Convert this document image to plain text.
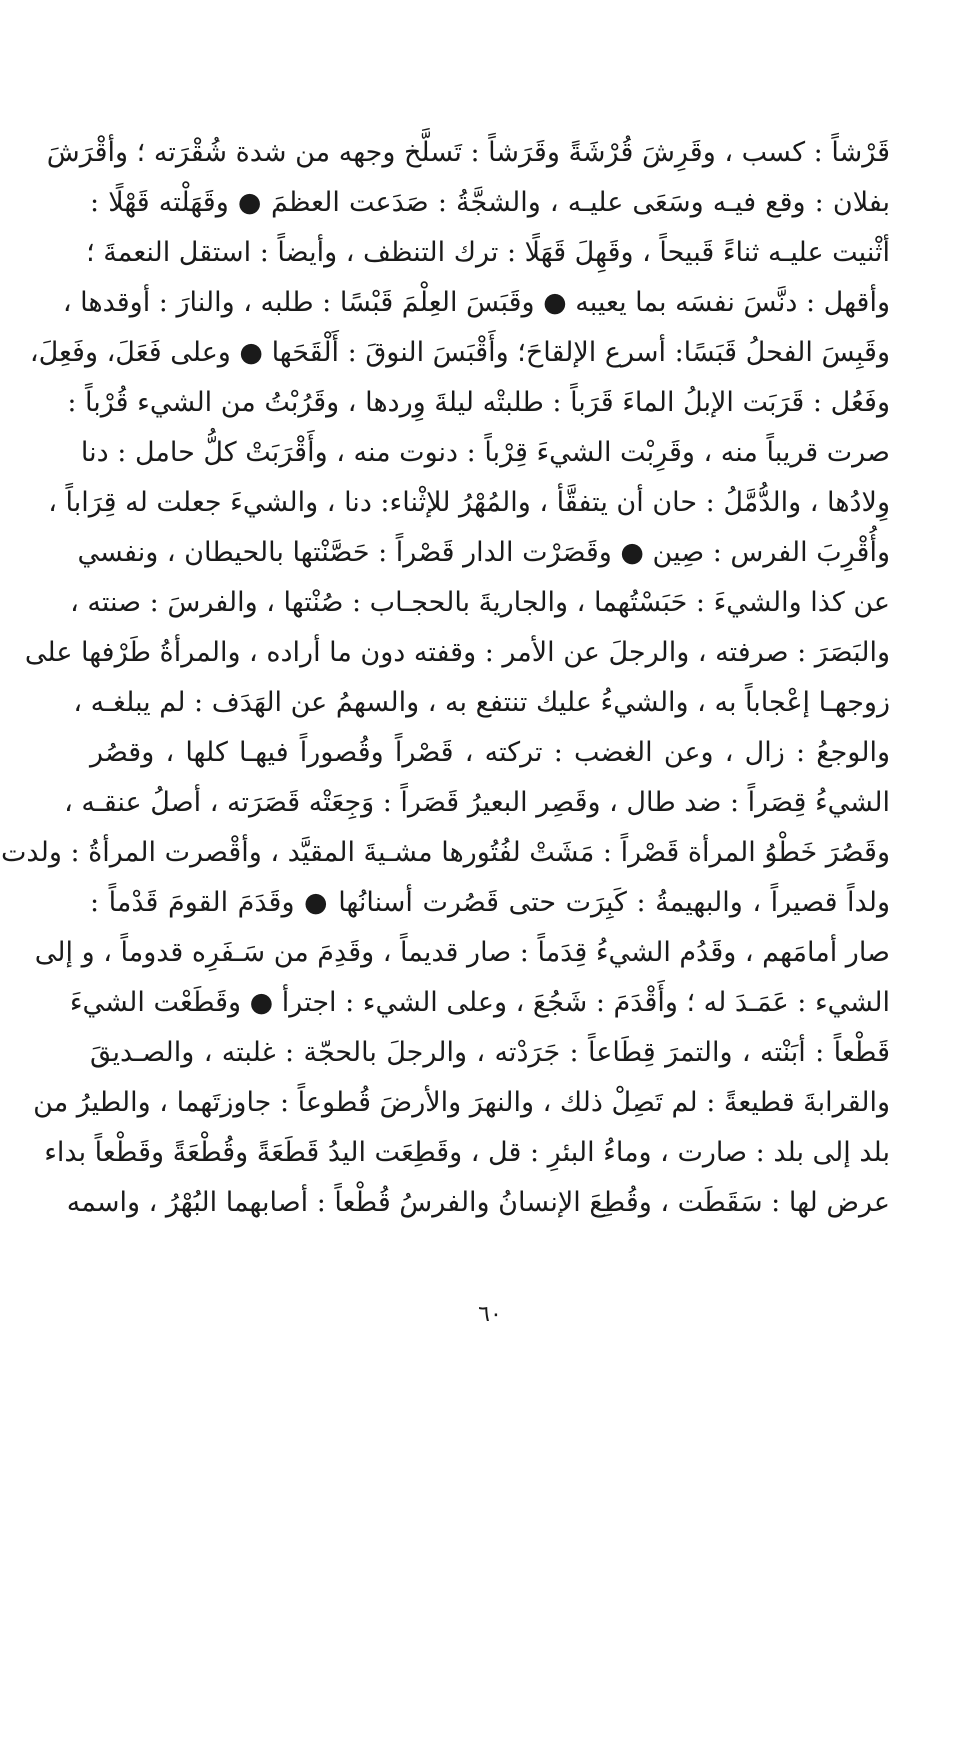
قَرْشاً : كسب ، وقَرِشَ قُرْشَةً وقَرَشاً : تَسلَّخ وجهه من شدة شُقْرَته ؛ وأقْرَشَ
بفلان : وقع فيـه وسَعَى عليـه ، والشجَّةُ : صَدَعت العظمَ ● وقَهَلْته قَهْلًا :
أثْنيت عليـه ثناءً قَبيحاً ، وقَهِلَ قَهَلًا : ترك التنظف ، وأيضاً : استقل النعمةَ ؛
وأقهل : دنَّسَ نفسَه بما يعيبه ● وقَبَسَ العِلْمَ قَبْسًا : طلبه ، والنارَ : أوقدها ،
وقَبِسَ الفحلُ قَبَسًا: أسرع الإلقاحَ؛ وأَقْبَسَ النوقَ : أَلْقَحَها ● وعلى فَعَلَ، وفَعِلَ،
وفَعُل : قَرَبَت الإبلُ الماءَ قَرَباً : طلبتْه ليلةَ وِردها ، وقَرُبْتُ من الشيء قُرْباً :
صرت قريباً منه ، وقَرِبْت الشيءَ قِرْباً : دنوت منه ، وأَقْرَبَتْ كلُّ حامل : دنا
وِلادُها ، والدُّمَّلُ : حان أن يتفقَّأ ، والمُهْرُ للإثْناء: دنا ، والشيءَ جعلت له قِرَاباً ،
وأُقْرِبَ الفرس : صِين ● وقَصَرْت الدار قَصْراً : حَصَّنْتها بالحيطان ، ونفسي
عن كذا والشيءَ : حَبَسْتُهما ، والجاريةَ بالحجـاب : صُنْتها ، والفرسَ : صنته ،
والبَصَرَ : صرفته ، والرجلَ عن الأمر : وقفته دون ما أراده ، والمرأةُ طَرْفها على
زوجهـا إعْجاباً به ، والشيءُ عليك تنتفع به ، والسهمُ عن الهَدَف : لم يبلغـه ،
والوجعُ : زال ، وعن الغضب : تركته ، قَصْراً وقُصوراً فيهـا كلها ، وقصُر
الشيءُ قِصَراً : ضد طال ، وقَصِر البعيرُ قَصَراً : وَجِعَتْه قَصَرَته ، أصلُ عنقـه ،
وقَصُرَ خَطْوُ المرأة قَصْراً : مَشَتْ لفُتُورها مشـيةَ المقيَّد ، وأقْصرت المرأةُ : ولدت
ولداً قصيراً ، والبهيمةُ : كَبِرَت حتى قَصُرت أسنانُها ● وقَدَمَ القومَ قَدْماً :
صار أمامَهم ، وقَدُم الشيءُ قِدَماً : صار قديماً ، وقَدِمَ من سَـفَرِه قدوماً ، و إلى
الشيء : عَمَـدَ له ؛ وأَقْدَمَ : شَجُعَ ، وعلى الشيء : اجترأ ● وقَطَعْت الشيءَ
قَطْعاً : أبَنْته ، والتمرَ قِطَاعاً : جَرَدْته ، والرجلَ بالحجّة : غلبته ، والصـديقَ
والقرابةَ قطيعةً : لم تَصِلْ ذلك ، والنهرَ والأرضَ قُطوعاً : جاوزتَهما ، والطيرُ من
بلد إلى بلد : صارت ، وماءُ البئرِ : قل ، وقَطِعَت اليدُ قَطَعَةً وقُطْعَةً وقَطْعاً بداء
عرض لها : سَقَطَت ، وقُطِعَ الإنسانُ والفرسُ قُطْعاً : أصابهما البُهْرُ ، واسمه
٦٠
